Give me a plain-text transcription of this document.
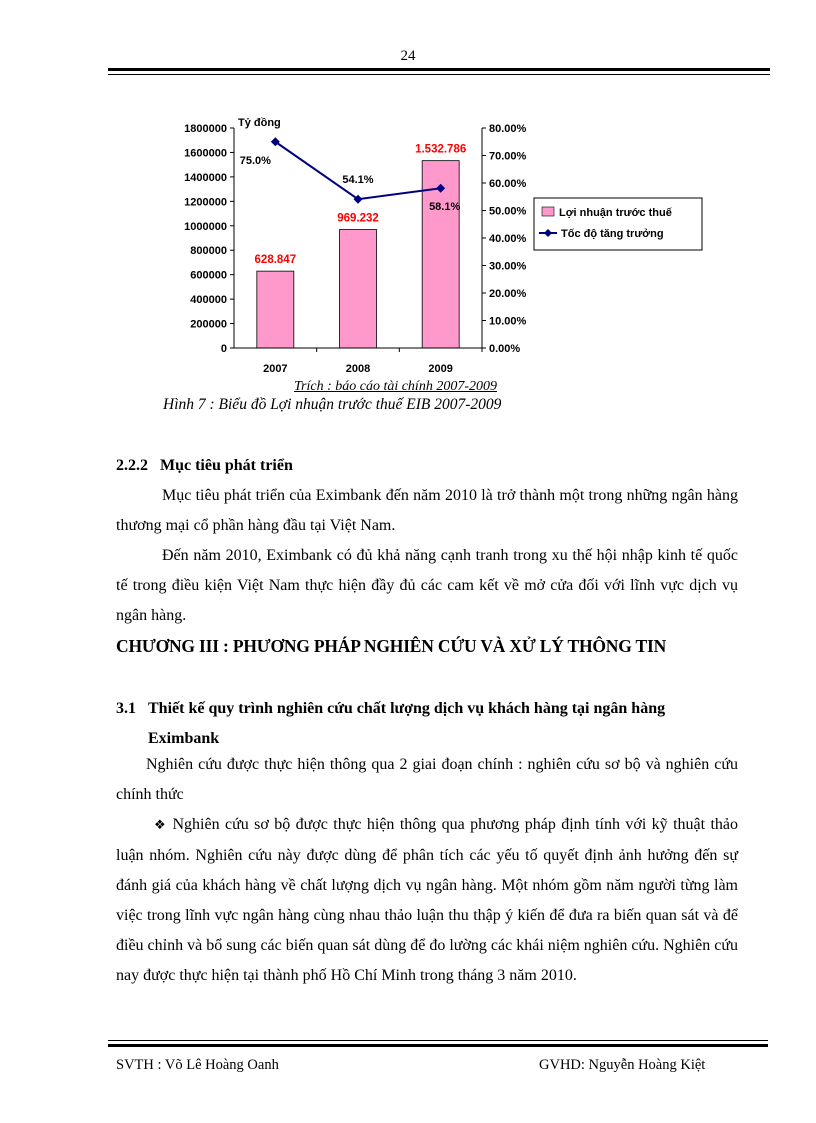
24
0
200000
400000
600000
800000
1000000
1200000
1400000
1600000
1800000
0.00%
10.00%
20.00%
30.00%
40.00%
50.00%
60.00%
70.00%
80.00%
628.847
969.232
1.532.786
75.0%
54.1%
58.1%
2007	2008	2009
Tỷ đồng
Lợi nhuận trước thuế
Tốc độ tăng trưởng
Trích : báo cáo tài chính 2007-2009
Hình 7 : Biểu đồ Lợi nhuận trước thuế EIB 2007-2009
2.2.2 Mục tiêu phát triển
Mục tiêu phát triển của Eximbank đến năm 2010 là trở thành một trong những ngân hàng thương mại cổ phần hàng đầu tại Việt Nam.
Đến năm 2010, Eximbank có đủ khả năng cạnh tranh trong xu thế hội nhập kinh tế quốc tế trong điều kiện Việt Nam thực hiện đầy đủ các cam kết về mở cửa đối với lĩnh vực dịch vụ ngân hàng.
CHƯƠNG III : PHƯƠNG PHÁP NGHIÊN CỨU VÀ XỬ LÝ THÔNG TIN
3.1 Thiết kế quy trình nghiên cứu chất lượng dịch vụ khách hàng tại ngân hàng Eximbank
Nghiên cứu được thực hiện thông qua 2 giai đoạn chính : nghiên cứu sơ bộ và nghiên cứu chính thức
❖ Nghiên cứu sơ bộ được thực hiện thông qua phương pháp định tính với kỹ thuật thảo luận nhóm. Nghiên cứu này được dùng để phân tích các yếu tố quyết định ảnh hưởng đến sự đánh giá của khách hàng về chất lượng dịch vụ ngân hàng. Một nhóm gồm năm người từng làm việc trong lĩnh vực ngân hàng cùng nhau thảo luận thu thập ý kiến để đưa ra biến quan sát và để điều chỉnh và bổ sung các biến quan sát dùng để đo lường các khái niệm nghiên cứu. Nghiên cứu nay được thực hiện tại thành phố Hồ Chí Minh trong tháng 3 năm 2010.
SVTH : Võ Lê Hoàng Oanh	GVHD: Nguyễn Hoàng Kiệt
